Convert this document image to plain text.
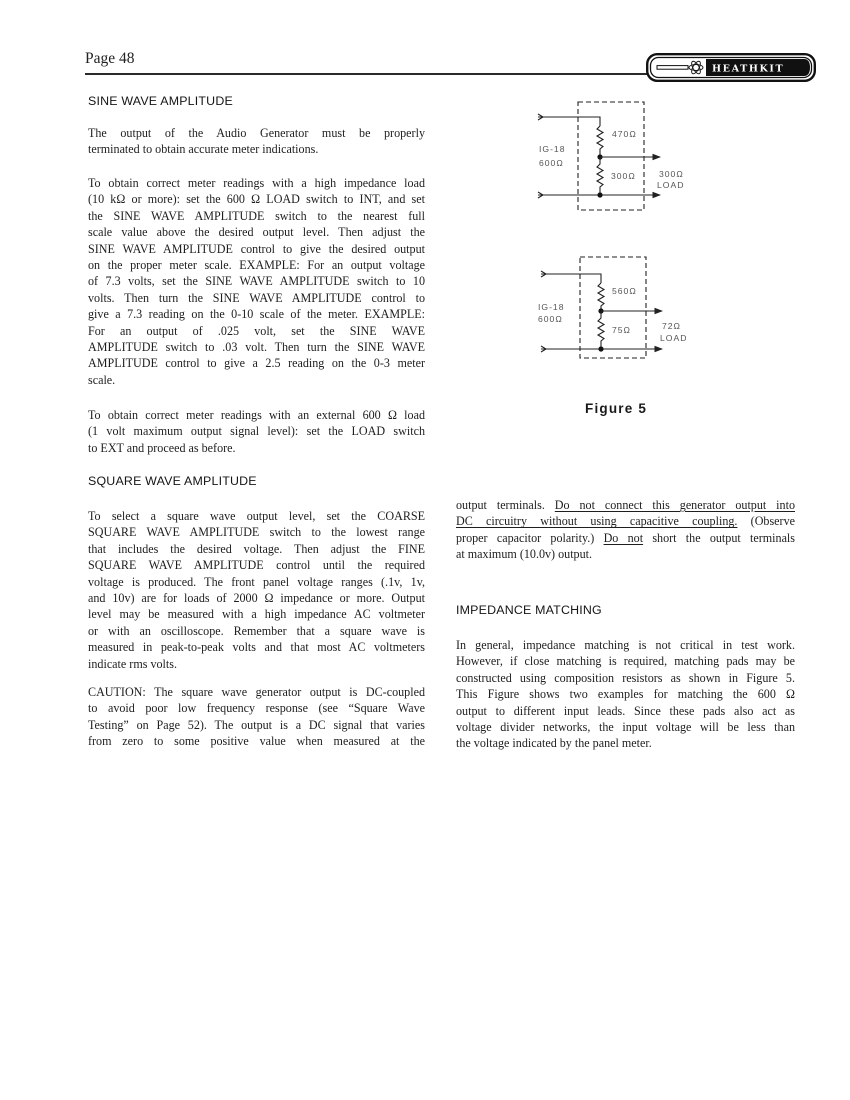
Page 48
HEATHKIT
SINE WAVE AMPLITUDE
The output of the Audio Generator must be properly
terminated to obtain accurate meter indications.
To obtain correct meter readings with a high impedance load
(10 kΩ or more): set the 600 Ω LOAD switch to INT, and set
the SINE WAVE AMPLITUDE switch to the nearest full
scale value above the desired output level. Then adjust the
SINE WAVE AMPLITUDE control to give the desired output
on the proper meter scale. EXAMPLE: For an output voltage
of 7.3 volts, set the SINE WAVE AMPLITUDE switch to 10
volts. Then turn the SINE WAVE AMPLITUDE control to
give a 7.3 reading on the 0-10 scale of the meter. EXAMPLE:
For an output of .025 volt, set the SINE WAVE
AMPLITUDE switch to .03 volt. Then turn the SINE WAVE
AMPLITUDE control to give a 2.5 reading on the 0-3 meter
scale.
To obtain correct meter readings with an external 600 Ω load
(1 volt maximum output signal level): set the LOAD switch
to EXT and proceed as before.
SQUARE WAVE AMPLITUDE
To select a square wave output level, set the COARSE
SQUARE WAVE AMPLITUDE switch to the lowest range
that includes the desired voltage. Then adjust the FINE
SQUARE WAVE AMPLITUDE control until the required
voltage is produced. The front panel voltage ranges (.1v, 1v,
and 10v) are for loads of 2000 Ω impedance or more. Output
level may be measured with a high impedance AC voltmeter
or with an oscilloscope. Remember that a square wave is
measured in peak-to-peak volts and that most AC voltmeters
indicate rms volts.
CAUTION: The square wave generator output is DC-coupled
to avoid poor low frequency response (see “Square Wave
Testing” on Page 52). The output is a DC signal that varies
from zero to some positive value when measured at the
470Ω
300Ω
IG-18
600Ω
300Ω
LOAD
560Ω
75Ω
IG-18
600Ω
72Ω
LOAD
Figure 5
output terminals. Do not connect this generator output into
DC circuitry without using capacitive coupling. (Observe
proper capacitor polarity.) Do not short the output terminals
at maximum (10.0v) output.
IMPEDANCE MATCHING
In general, impedance matching is not critical in test work.
However, if close matching is required, matching pads may be
constructed using composition resistors as shown in Figure 5.
This Figure shows two examples for matching the 600 Ω
output to different input leads. Since these pads also act as
voltage divider networks, the input voltage will be less than
the voltage indicated by the panel meter.
